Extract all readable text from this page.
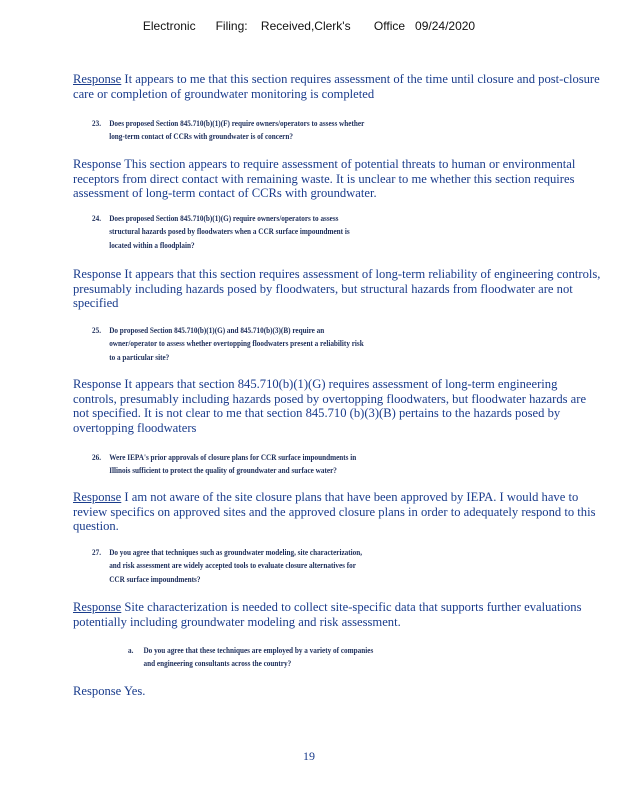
Electronic      Filing:    Received,Clerk's       Office   09/24/2020
Response It appears to me that this section requires assessment of the time until closure and post-closure care or completion of groundwater monitoring is completed
23. Does proposed Section 845.710(b)(1)(F) require owners/operators to assess whether
long-term contact of CCRs with groundwater is of concern?
Response This section appears to require assessment of potential threats to human or environmental receptors from direct contact with remaining waste. It is unclear to me whether this section requires assessment of long-term contact of CCRs with groundwater.
24. Does proposed Section 845.710(b)(1)(G) require owners/operators to assess
structural hazards posed by floodwaters when a CCR surface impoundment is
located within a floodplain?
Response It appears that this section requires assessment of long-term reliability of engineering controls, presumably including hazards posed by floodwaters, but structural hazards from floodwater are not specified
25. Do proposed Section 845.710(b)(1)(G) and 845.710(b)(3)(B) require an
owner/operator to assess whether overtopping floodwaters present a reliability risk
to a particular site?
Response It appears that section 845.710(b)(1)(G) requires assessment of long-term engineering controls, presumably including hazards posed by overtopping floodwaters, but floodwater hazards are not specified. It is not clear to me that section 845.710 (b)(3)(B) pertains to the hazards posed by overtopping floodwaters
26. Were IEPA's prior approvals of closure plans for CCR surface impoundments in
Illinois sufficient to protect the quality of groundwater and surface water?
Response I am not aware of the site closure plans that have been approved by IEPA. I would have to review specifics on approved sites and the approved closure plans in order to adequately respond to this question.
27. Do you agree that techniques such as groundwater modeling, site characterization,
and risk assessment are widely accepted tools to evaluate closure alternatives for
CCR surface impoundments?
Response Site characterization is needed to collect site-specific data that supports further evaluations potentially including groundwater modeling and risk assessment.
a. Do you agree that these techniques are employed by a variety of companies
and engineering consultants across the country?
Response Yes.
19
